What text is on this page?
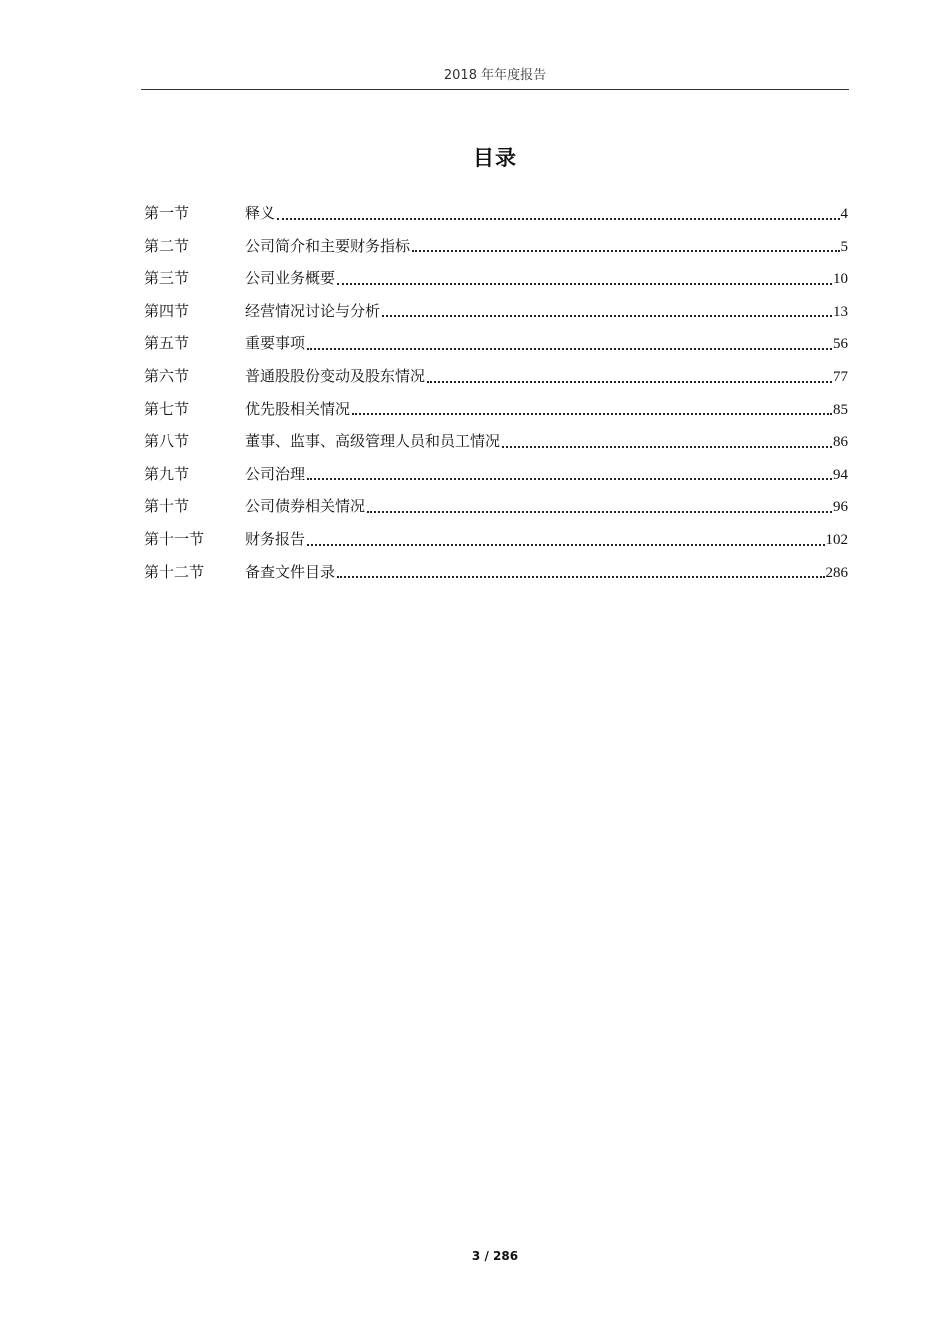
2018 年年度报告
目录
第一节	释义	4
第二节	公司简介和主要财务指标	5
第三节	公司业务概要	10
第四节	经营情况讨论与分析	13
第五节	重要事项	56
第六节	普通股股份变动及股东情况	77
第七节	优先股相关情况	85
第八节	董事、监事、高级管理人员和员工情况	86
第九节	公司治理	94
第十节	公司债券相关情况	96
第十一节	财务报告	102
第十二节	备查文件目录	286
3 / 286
